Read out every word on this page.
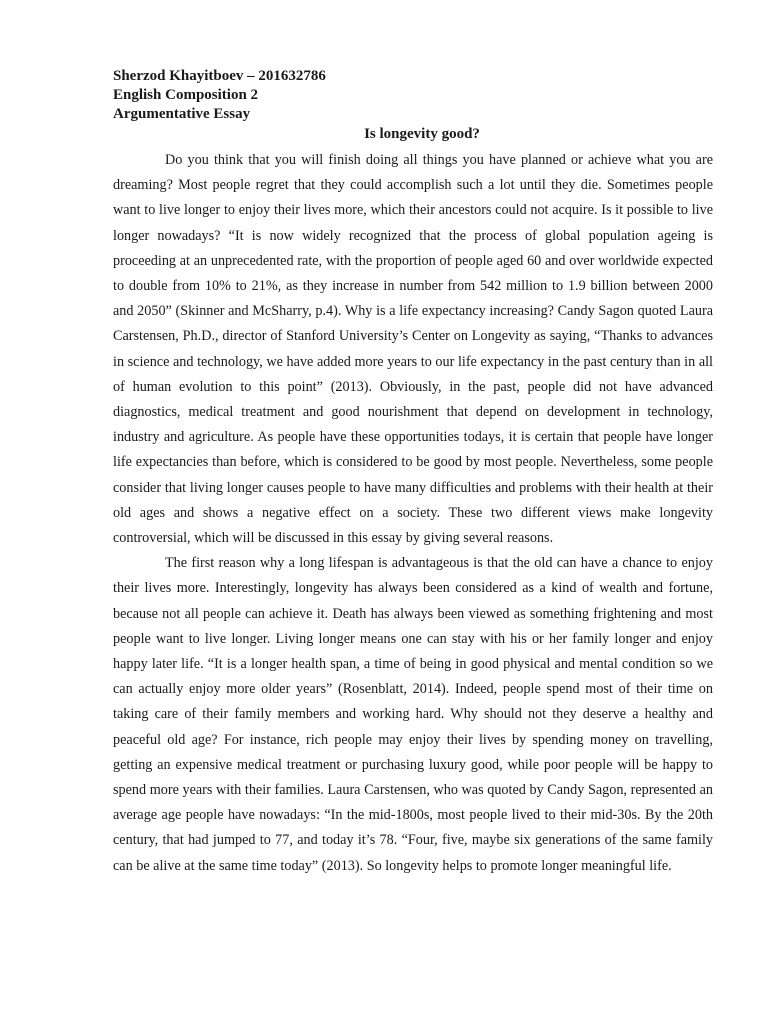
Sherzod Khayitboev – 201632786

English Composition 2

Argumentative Essay

Is longevity good?

Do you think that you will finish doing all things you have planned or achieve what you are dreaming? Most people regret that they could accomplish such a lot until they die. Sometimes people want to live longer to enjoy their lives more, which their ancestors could not acquire. Is it possible to live longer nowadays? “It is now widely recognized that the process of global population ageing is proceeding at an unprecedented rate, with the proportion of people aged 60 and over worldwide expected to double from 10% to 21%, as they increase in number from 542 million to 1.9 billion between 2000 and 2050” (Skinner and McSharry, p.4). Why is a life expectancy increasing? Candy Sagon quoted Laura Carstensen, Ph.D., director of Stanford University’s Center on Longevity as saying, “Thanks to advances in science and technology, we have added more years to our life expectancy in the past century than in all of human evolution to this point” (2013). Obviously, in the past, people did not have advanced diagnostics, medical treatment and good nourishment that depend on development in technology, industry and agriculture. As people have these opportunities todays, it is certain that people have longer life expectancies than before, which is considered to be good by most people. Nevertheless, some people consider that living longer causes people to have many difficulties and problems with their health at their old ages and shows a negative effect on a society. These two different views make longevity controversial, which will be discussed in this essay by giving several reasons.

The first reason why a long lifespan is advantageous is that the old can have a chance to enjoy their lives more. Interestingly, longevity has always been considered as a kind of wealth and fortune, because not all people can achieve it. Death has always been viewed as something frightening and most people want to live longer. Living longer means one can stay with his or her family longer and enjoy happy later life. “It is a longer health span, a time of being in good physical and mental condition so we can actually enjoy more older years” (Rosenblatt, 2014). Indeed, people spend most of their time on taking care of their family members and working hard. Why should not they deserve a healthy and peaceful old age? For instance, rich people may enjoy their lives by spending money on travelling, getting an expensive medical treatment or purchasing luxury good, while poor people will be happy to spend more years with their families. Laura Carstensen, who was quoted by Candy Sagon, represented an average age people have nowadays: “In the mid-1800s, most people lived to their mid-30s. By the 20th century, that had jumped to 77, and today it’s 78. “Four, five, maybe six generations of the same family can be alive at the same time today” (2013). So longevity helps to promote longer meaningful life.
